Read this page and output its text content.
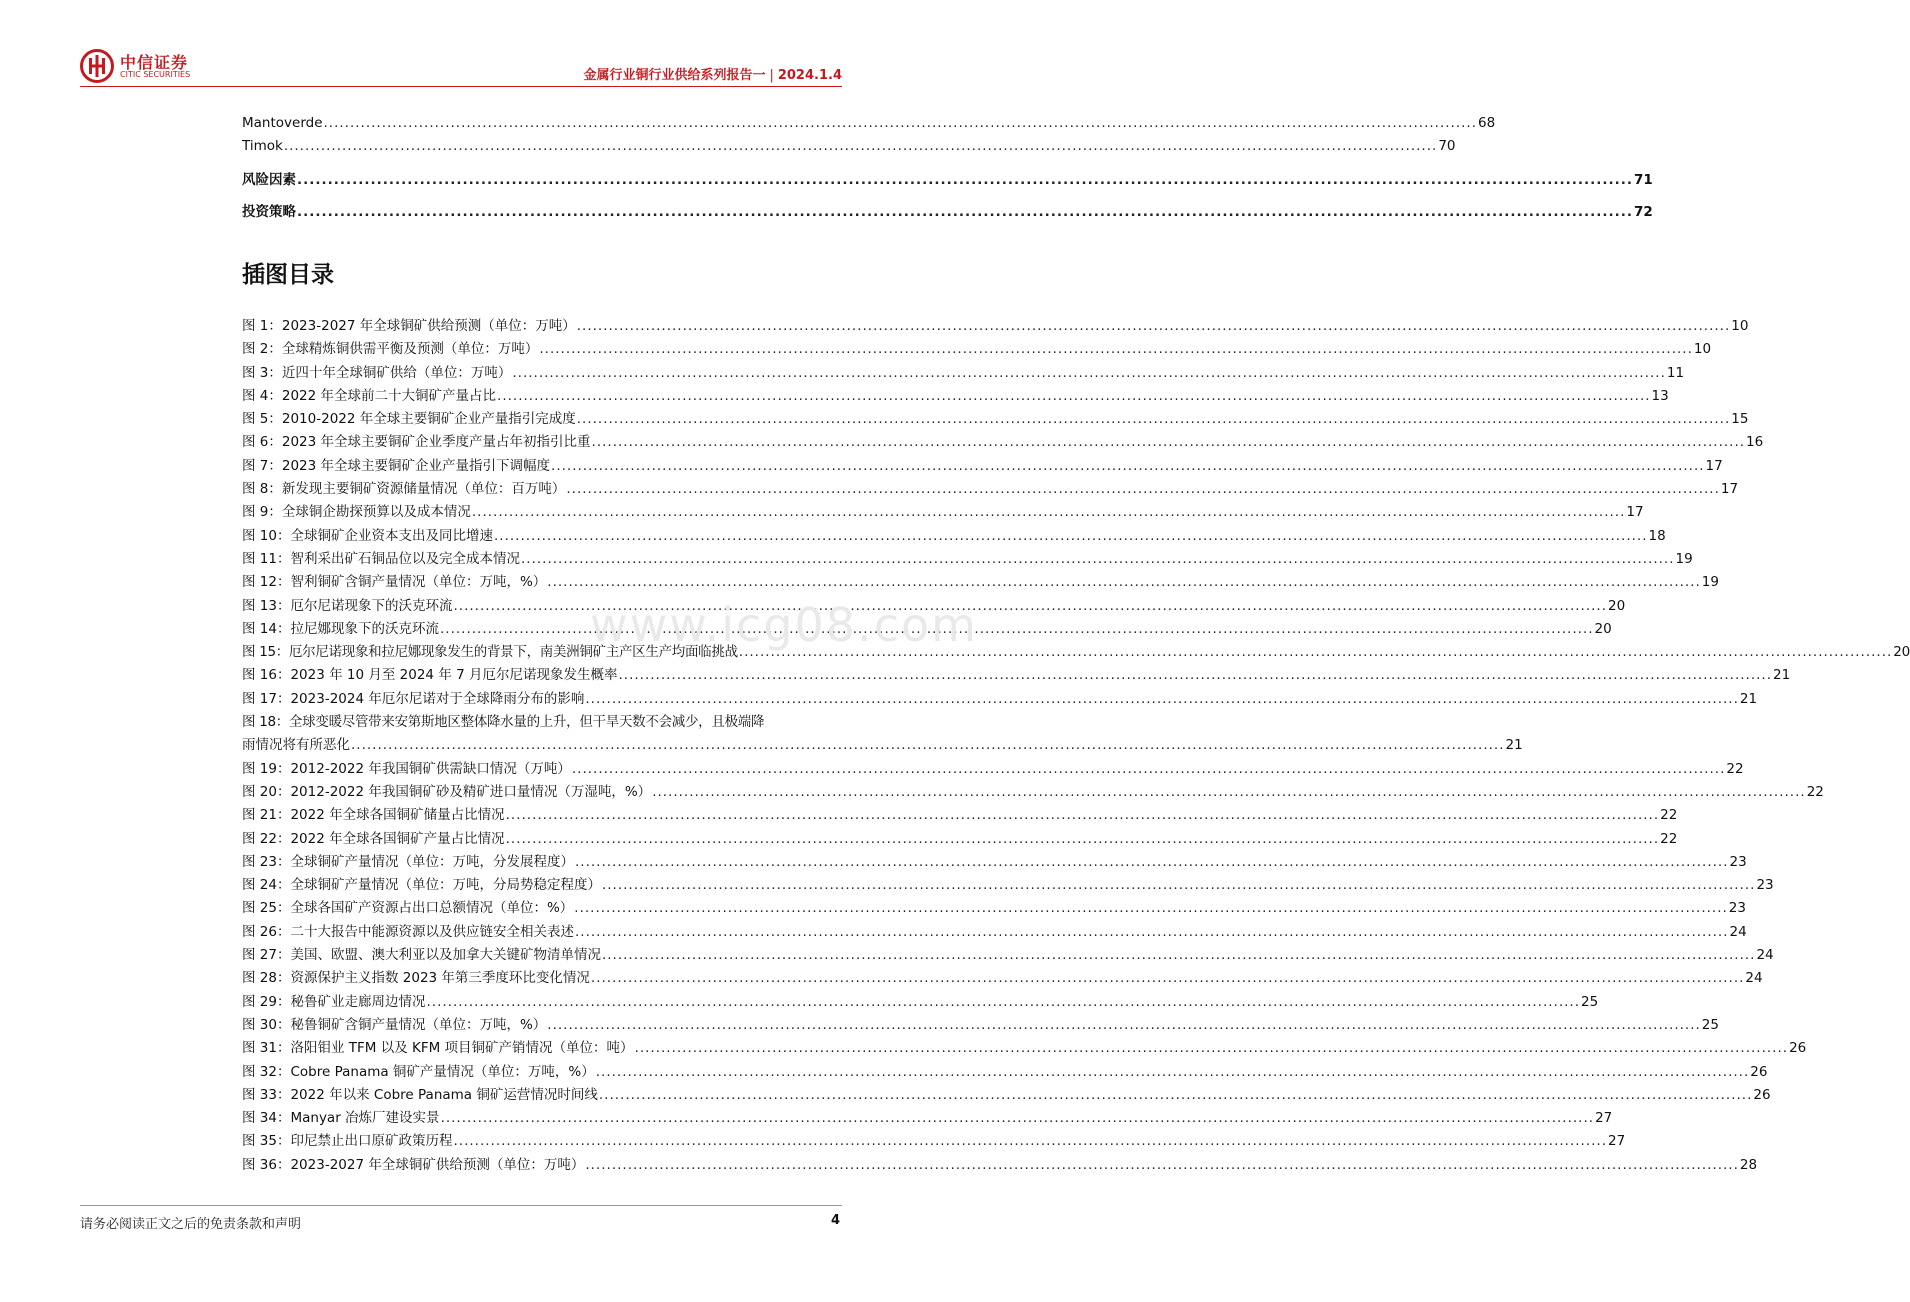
中信证券
CITIC SECURITIES	金属行业铜行业供给系列报告一 | 2024.1.4
Mantoverde .....	68
Timok .....	70
风险因素 .....	71
投资策略 .....	72
插图目录
图 1：2023-2027 年全球铜矿供给预测（单位：万吨） .....	10
图 2：全球精炼铜供需平衡及预测（单位：万吨） .....	10
图 3：近四十年全球铜矿供给（单位：万吨） .....	11
图 4：2022 年全球前二十大铜矿产量占比 .....	13
图 5：2010-2022 年全球主要铜矿企业产量指引完成度 .....	15
图 6：2023 年全球主要铜矿企业季度产量占年初指引比重 .....	16
图 7：2023 年全球主要铜矿企业产量指引下调幅度 .....	17
图 8：新发现主要铜矿资源储量情况（单位：百万吨） .....	17
图 9：全球铜企勘探预算以及成本情况 .....	17
图 10：全球铜矿企业资本支出及同比增速 .....	18
图 11：智利采出矿石铜品位以及完全成本情况 .....	19
图 12：智利铜矿含铜产量情况（单位：万吨，%） .....	19
图 13：厄尔尼诺现象下的沃克环流 .....	20
图 14：拉尼娜现象下的沃克环流 .....	20
图 15：厄尔尼诺现象和拉尼娜现象发生的背景下，南美洲铜矿主产区生产均面临挑战 .....	20
图 16：2023 年 10 月至 2024 年 7 月厄尔尼诺现象发生概率 .....	21
图 17：2023-2024 年厄尔尼诺对于全球降雨分布的影响 .....	21
图 18：全球变暖尽管带来安第斯地区整体降水量的上升，但干旱天数不会减少，且极端降
雨情况将有所恶化 .....	21
图 19：2012-2022 年我国铜矿供需缺口情况（万吨） .....	22
图 20：2012-2022 年我国铜矿砂及精矿进口量情况（万湿吨，%） .....	22
图 21：2022 年全球各国铜矿储量占比情况 .....	22
图 22：2022 年全球各国铜矿产量占比情况 .....	22
图 23：全球铜矿产量情况（单位：万吨，分发展程度） .....	23
图 24：全球铜矿产量情况（单位：万吨，分局势稳定程度） .....	23
图 25：全球各国矿产资源占出口总额情况（单位：%） .....	23
图 26：二十大报告中能源资源以及供应链安全相关表述 .....	24
图 27：美国、欧盟、澳大利亚以及加拿大关键矿物清单情况 .....	24
图 28：资源保护主义指数 2023 年第三季度环比变化情况 .....	24
图 29：秘鲁矿业走廊周边情况 .....	25
图 30：秘鲁铜矿含铜产量情况（单位：万吨，%） .....	25
图 31：洛阳钼业 TFM 以及 KFM 项目铜矿产销情况（单位：吨） .....	26
图 32：Cobre Panama 铜矿产量情况（单位：万吨，%） .....	26
图 33：2022 年以来 Cobre Panama 铜矿运营情况时间线 .....	26
图 34：Manyar 冶炼厂建设实景 .....	27
图 35：印尼禁止出口原矿政策历程 .....	27
图 36：2023-2027 年全球铜矿供给预测（单位：万吨） .....	28
www.icg08.com
请务必阅读正文之后的免责条款和声明	4
